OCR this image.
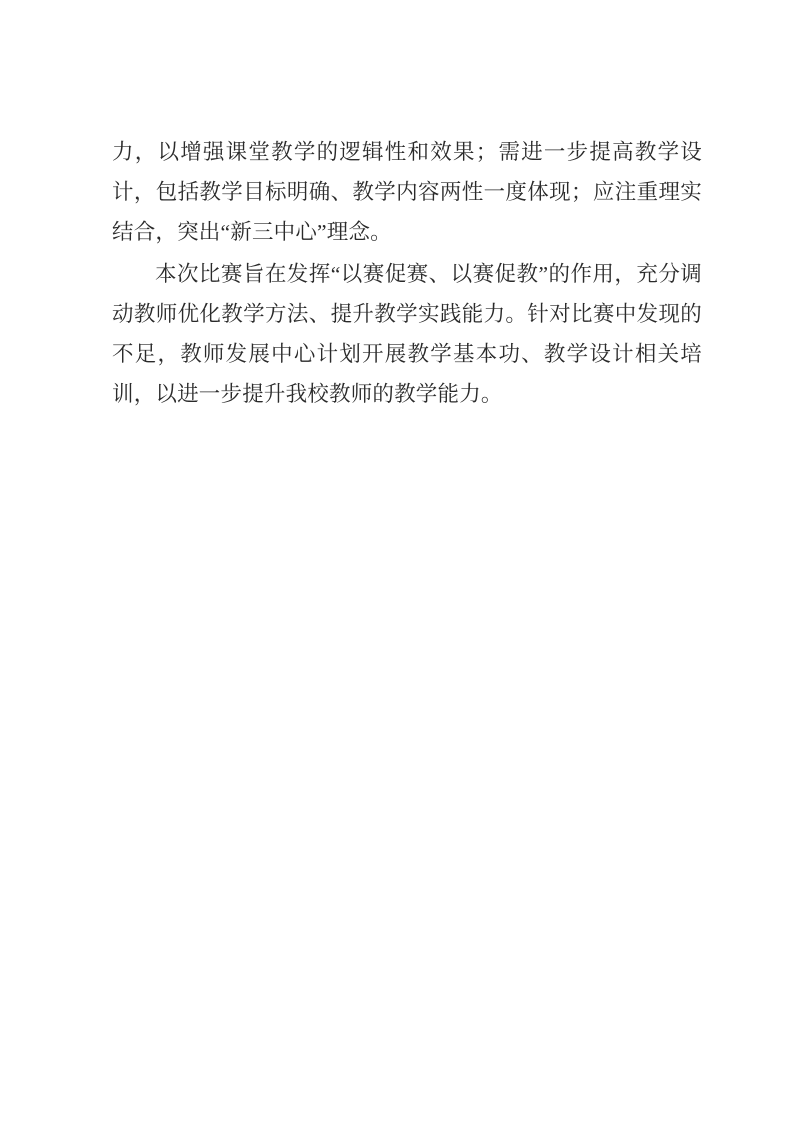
力，以增强课堂教学的逻辑性和效果；需进一步提高教学设计，包括教学目标明确、教学内容两性一度体现；应注重理实结合，突出“新三中心”理念。

本次比赛旨在发挥“以赛促赛、以赛促教”的作用，充分调动教师优化教学方法、提升教学实践能力。针对比赛中发现的不足，教师发展中心计划开展教学基本功、教学设计相关培训，以进一步提升我校教师的教学能力。
